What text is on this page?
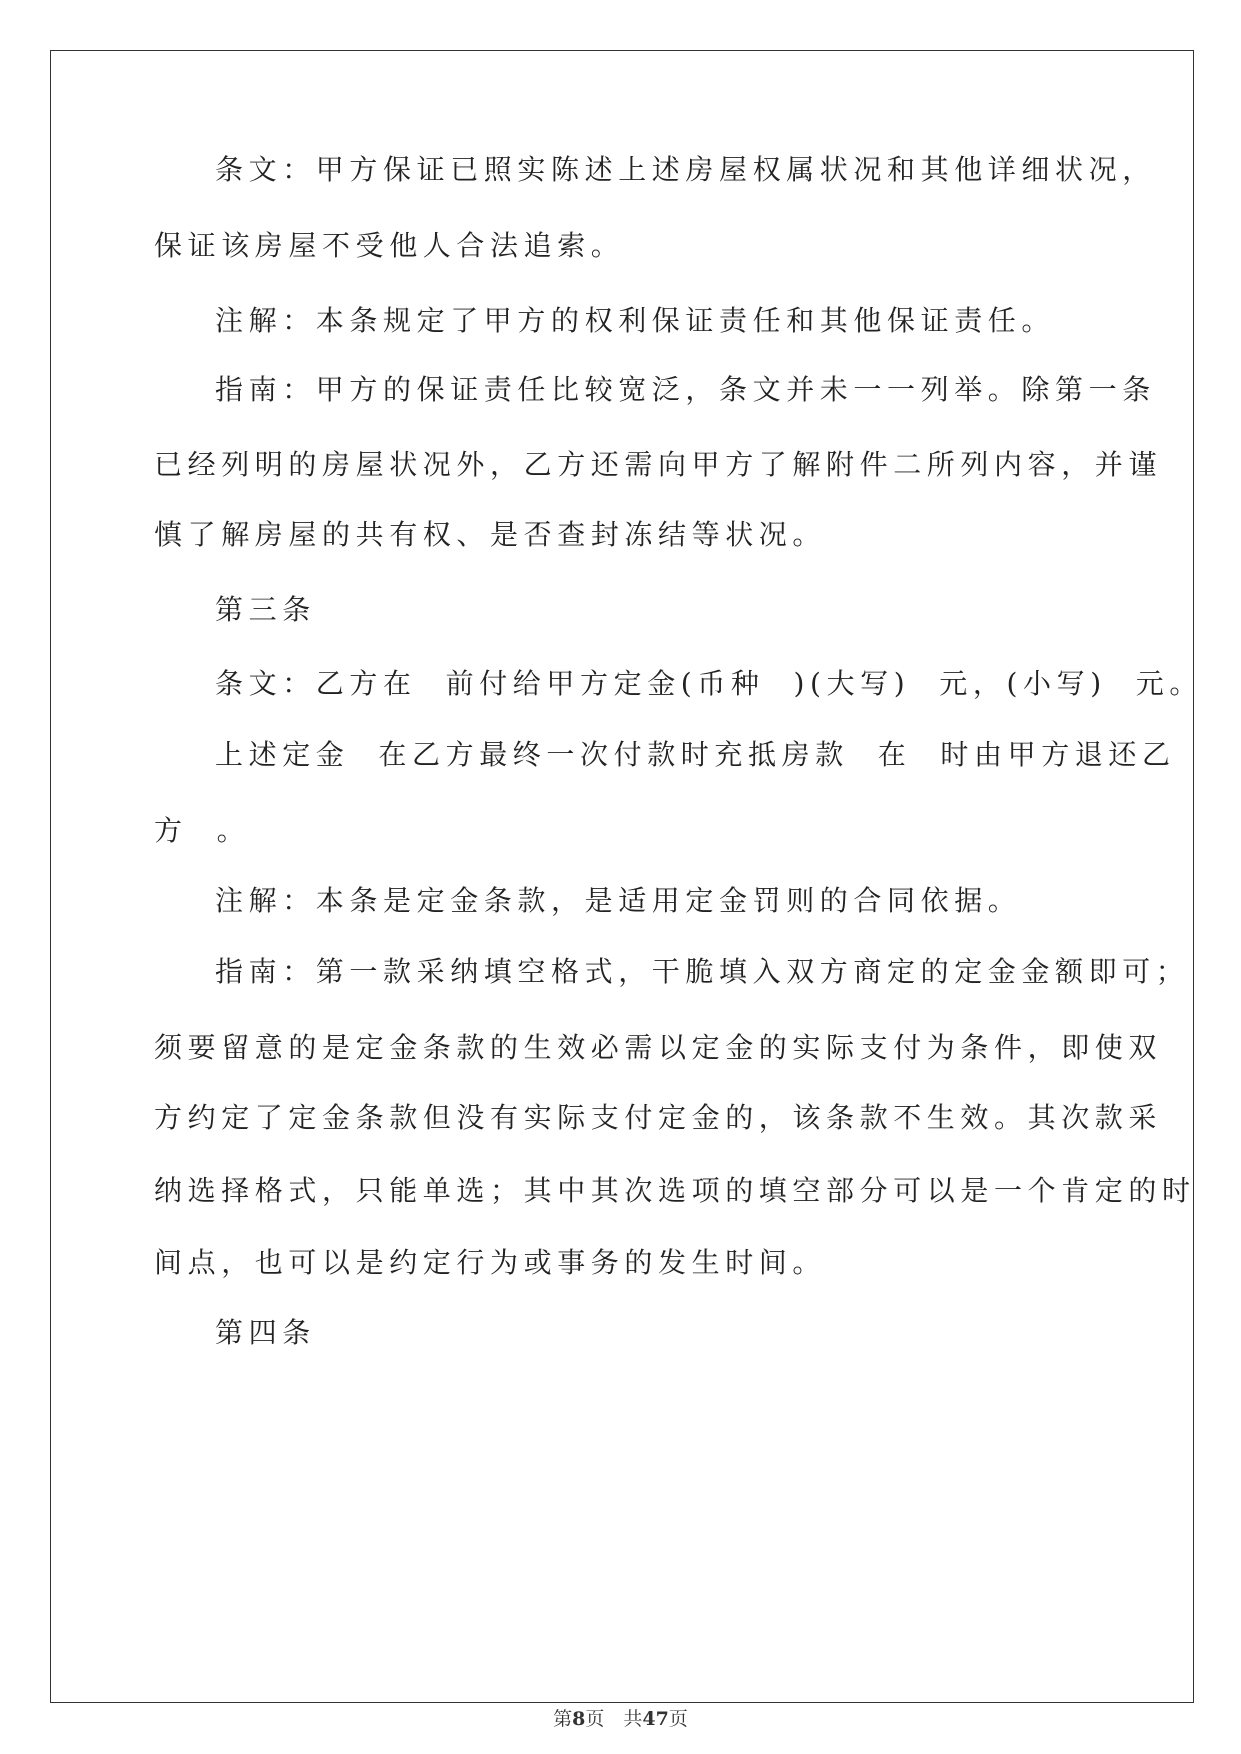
条文：甲方保证已照实陈述上述房屋权属状况和其他详细状况，
保证该房屋不受他人合法追索。
注解：本条规定了甲方的权利保证责任和其他保证责任。
指南：甲方的保证责任比较宽泛，条文并未一一列举。除第一条
已经列明的房屋状况外，乙方还需向甲方了解附件二所列内容，并谨
慎了解房屋的共有权、是否查封冻结等状况。
第三条
条文：乙方在  前付给甲方定金(币种  )(大写)  元，(小写)  元。
上述定金  在乙方最终一次付款时充抵房款  在  时由甲方退还乙
方  。
注解：本条是定金条款，是适用定金罚则的合同依据。
指南：第一款采纳填空格式，干脆填入双方商定的定金金额即可；
须要留意的是定金条款的生效必需以定金的实际支付为条件，即使双
方约定了定金条款但没有实际支付定金的，该条款不生效。其次款采
纳选择格式，只能单选；其中其次选项的填空部分可以是一个肯定的时
间点，也可以是约定行为或事务的发生时间。
第四条
第8页　共47页
